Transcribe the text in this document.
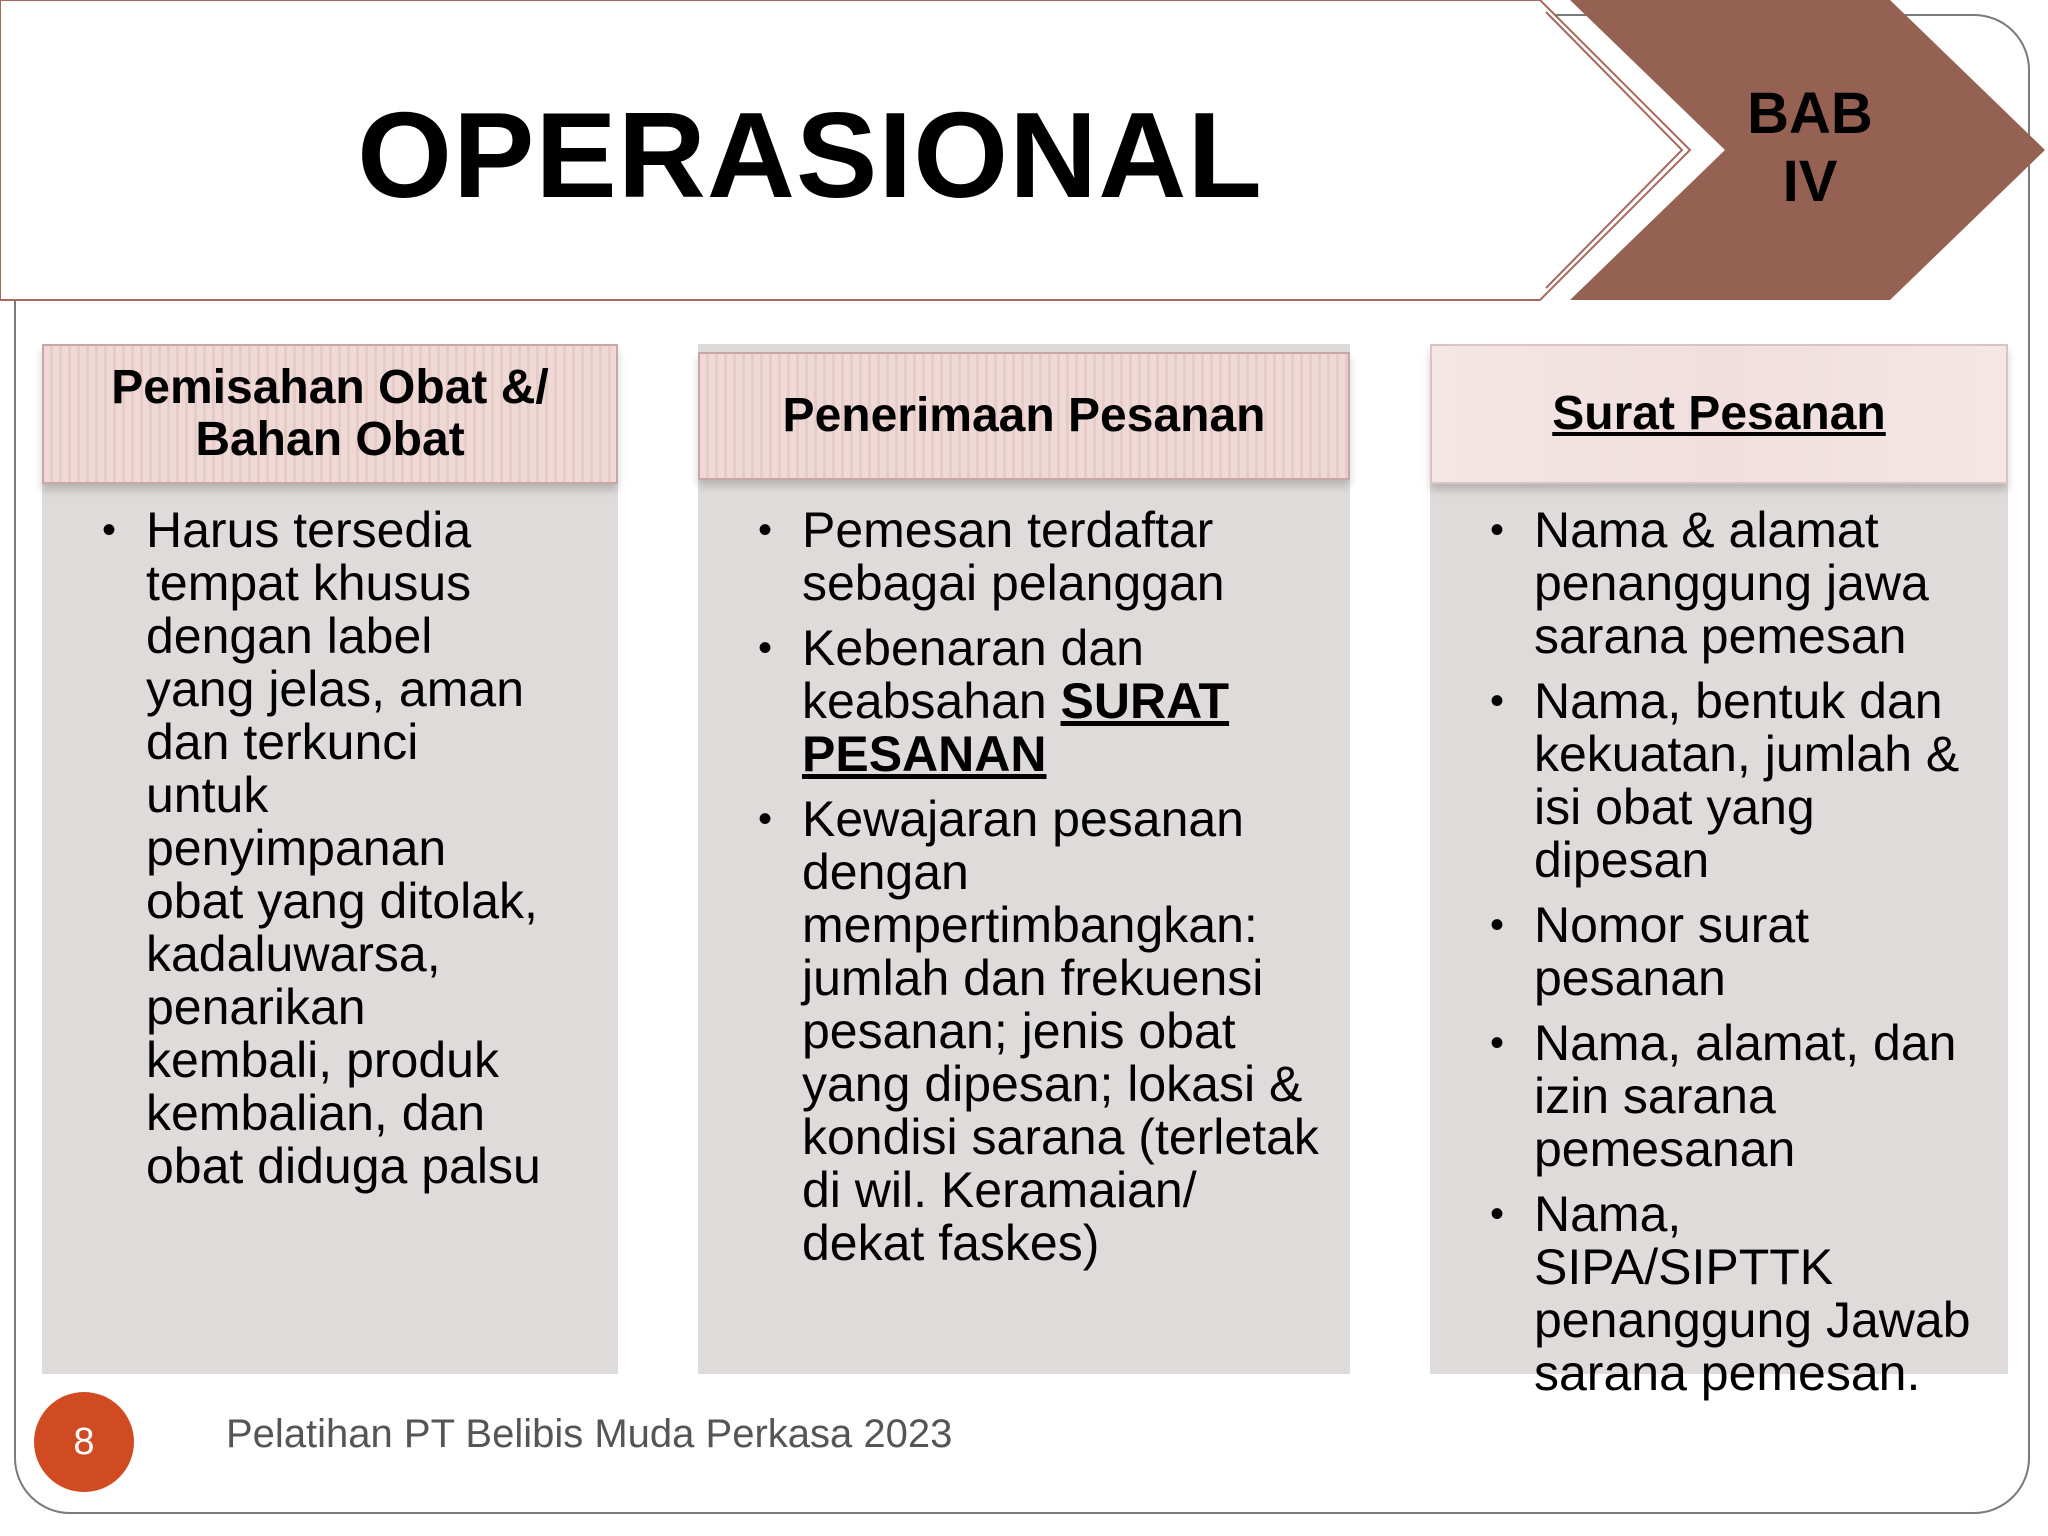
OPERASIONAL	BAB
IV
Pemisahan Obat &/
Bahan Obat
• Harus tersedia tempat khusus dengan label yang jelas, aman dan terkunci untuk penyimpanan obat yang ditolak, kadaluwarsa, penarikan kembali, produk kembalian, dan obat diduga palsu
Penerimaan Pesanan
• Pemesan terdaftar sebagai pelanggan
• Kebenaran dan keabsahan SURAT PESANAN
• Kewajaran pesanan dengan mempertimbangkan: jumlah dan frekuensi pesanan; jenis obat yang dipesan; lokasi & kondisi sarana (terletak di wil. Keramaian/ dekat faskes)
Surat Pesanan
• Nama & alamat penanggung jawa sarana pemesan
• Nama, bentuk dan kekuatan, jumlah & isi obat yang dipesan
• Nomor surat pesanan
• Nama, alamat, dan izin sarana pemesanan
• Nama, SIPA/SIPTTK penanggung Jawab sarana pemesan.
8	Pelatihan PT Belibis Muda Perkasa 2023
